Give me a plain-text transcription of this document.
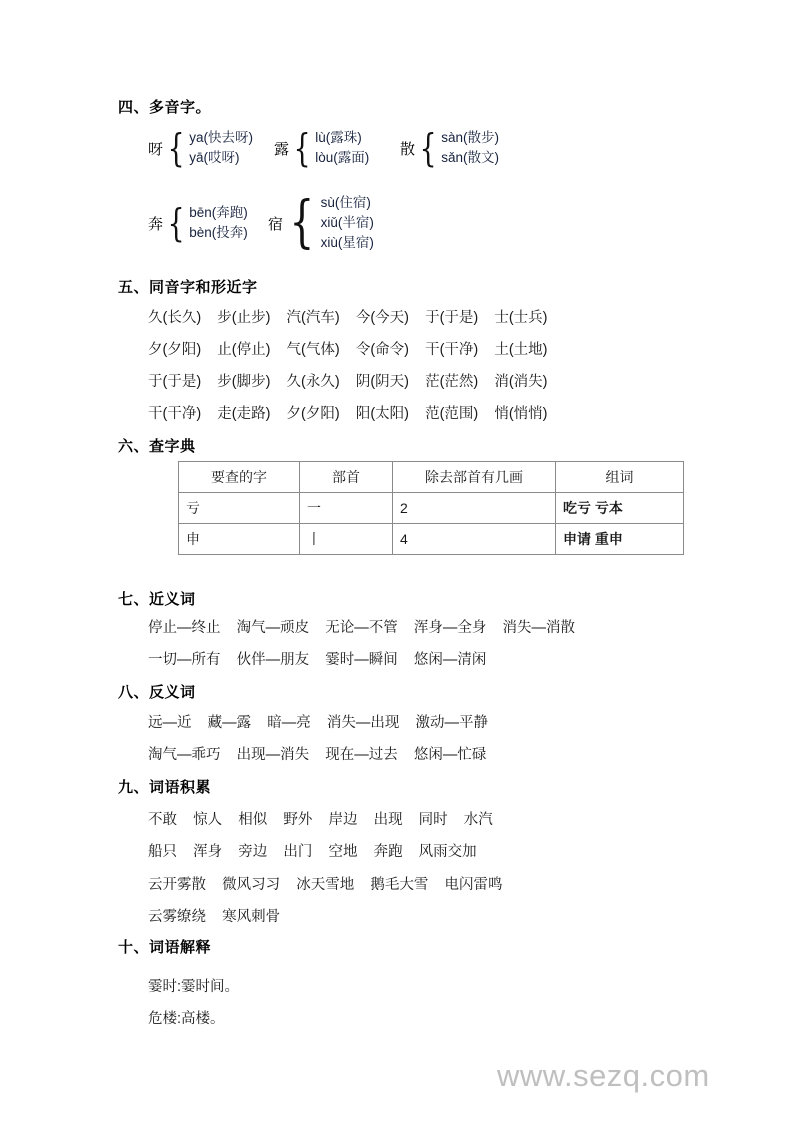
四、多音字。
呀 { ya(快去呀)
yā(哎呀)	露 { lù(露珠)
lòu(露面) 散 { sàn(散步)
sǎn(散文)
奔 { bēn(奔跑)
bèn(投奔) 宿 { sù(住宿)
xiǔ(半宿)
xiù(星宿)
五、同音字和形近字
久(长久)    步(止步)    汽(汽车)    今(今天)    于(于是)    士(士兵)
夕(夕阳)    止(停止)    气(气体)    令(命令)    干(干净)    土(土地)
于(于是)    步(脚步)    久(永久)    阴(阴天)    茫(茫然)    消(消失)
干(干净)    走(走路)    夕(夕阳)    阳(太阳)    范(范围)    悄(悄悄)
六、查字典
要查的字	部首	除去部首有几画	组词
亏	一	2	吃亏 亏本
申	丨	4	申请 重申
七、近义词
停止—终止    淘气—顽皮    无论—不管    浑身—全身    消失—消散
一切—所有    伙伴—朋友    霎时—瞬间    悠闲—清闲
八、反义词
远—近    藏—露    暗—亮    消失—出现    激动—平静
淘气—乖巧    出现—消失    现在—过去    悠闲—忙碌
九、词语积累
不敢    惊人    相似    野外    岸边    出现    同时    水汽
船只    浑身    旁边    出门    空地    奔跑    风雨交加
云开雾散    微风习习    冰天雪地    鹅毛大雪    电闪雷鸣
云雾缭绕    寒风刺骨
十、词语解释
霎时:霎时间。
危楼:高楼。
www.sezq.com
